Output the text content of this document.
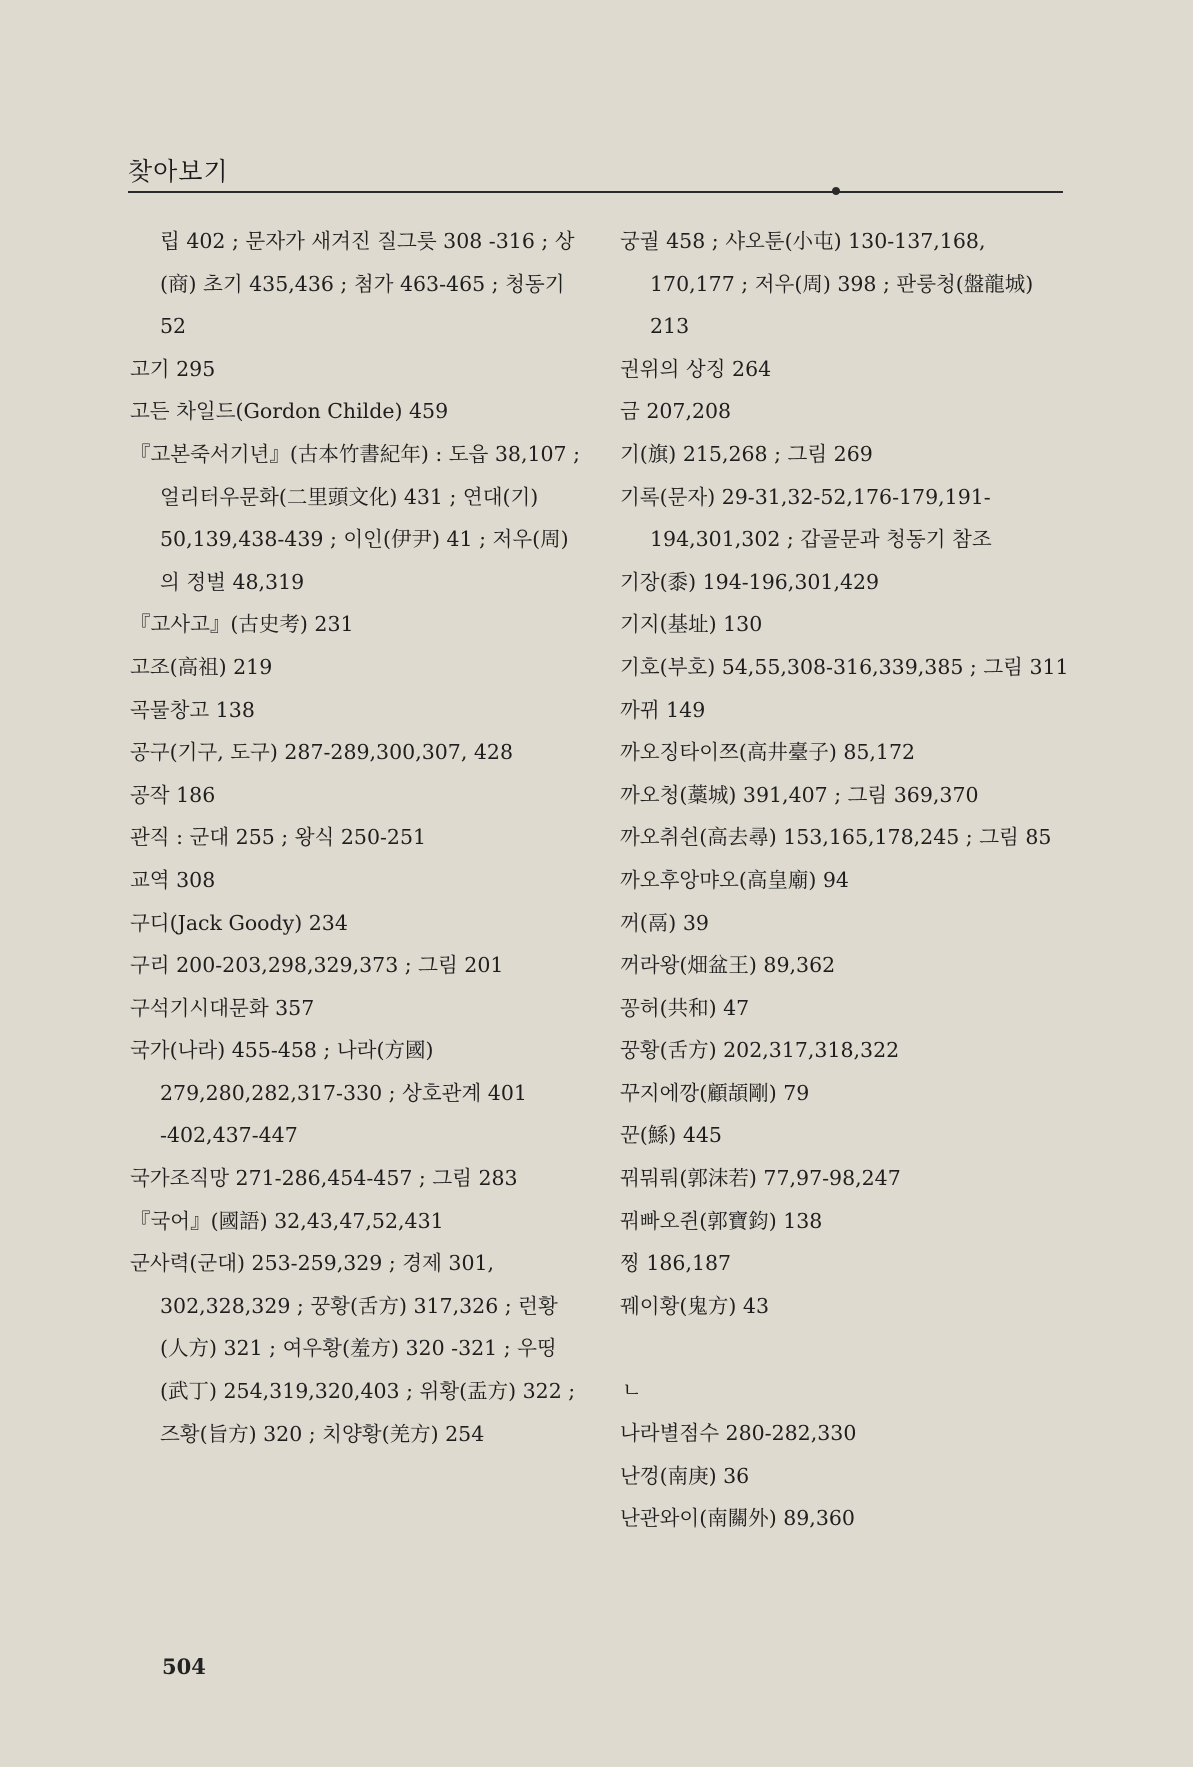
찾아보기

립 402 ; 문자가 새겨진 질그릇 308 -316 ; 상(商) 초기 435,436 ; 첨가 463-465 ; 청동기 52

고기 295

고든 차일드(Gordon Childe) 459

『고본죽서기년』(古本竹書紀年) : 도읍 38,107 ; 얼리터우문화(二里頭文化) 431 ; 연대(기) 50,139,438-439 ; 이인(伊尹) 41 ; 저우(周)의 정벌 48,319

『고사고』(古史考) 231

고조(高祖) 219

곡물창고 138

공구(기구, 도구) 287-289,300,307, 428

공작 186

관직 : 군대 255 ; 왕식 250-251

교역 308

구디(Jack Goody) 234

구리 200-203,298,329,373 ; 그림 201

구석기시대문화 357

국가(나라) 455-458 ; 나라(方國) 279,280,282,317-330 ; 상호관계 401 -402,437-447

국가조직망 271-286,454-457 ; 그림 283

『국어』(國語) 32,43,47,52,431

군사력(군대) 253-259,329 ; 경제 301, 302,328,329 ; 꿍황(舌方) 317,326 ; 런황(人方) 321 ; 여우황(羞方) 320 -321 ; 우띵(武丁) 254,319,320,403 ; 위황(盂方) 322 ; 즈황(旨方) 320 ; 치양황(羌方) 254

궁궐 458 ; 샤오툰(小屯) 130-137,168, 170,177 ; 저우(周) 398 ; 판룽청(盤龍城) 213

권위의 상징 264

금 207,208

기(旗) 215,268 ; 그림 269

기록(문자) 29-31,32-52,176-179,191- 194,301,302 ; 갑골문과 청동기 참조

기장(黍) 194-196,301,429

기지(基址) 130

기호(부호) 54,55,308-316,339,385 ; 그림 311

까뀌 149

까오징타이쯔(高井臺子) 85,172

까오청(藁城) 391,407 ; 그림 369,370

까오취쉰(高去尋) 153,165,178,245 ; 그림 85

까오후앙먀오(高皇廟) 94

꺼(鬲) 39

꺼라왕(畑盆王) 89,362

꽁허(共和) 47

꿍황(舌方) 202,317,318,322

꾸지에깡(顧頡剛) 79

꾼(鯀) 445

꿔뭐뤄(郭沫若) 77,97-98,247

꿔빠오쥔(郭寶鈞) 138

찡 186,187

꿰이황(鬼方) 43

ㄴ

나라별점수 280-282,330

난껑(南庚) 36

난관와이(南關外) 89,360

504
